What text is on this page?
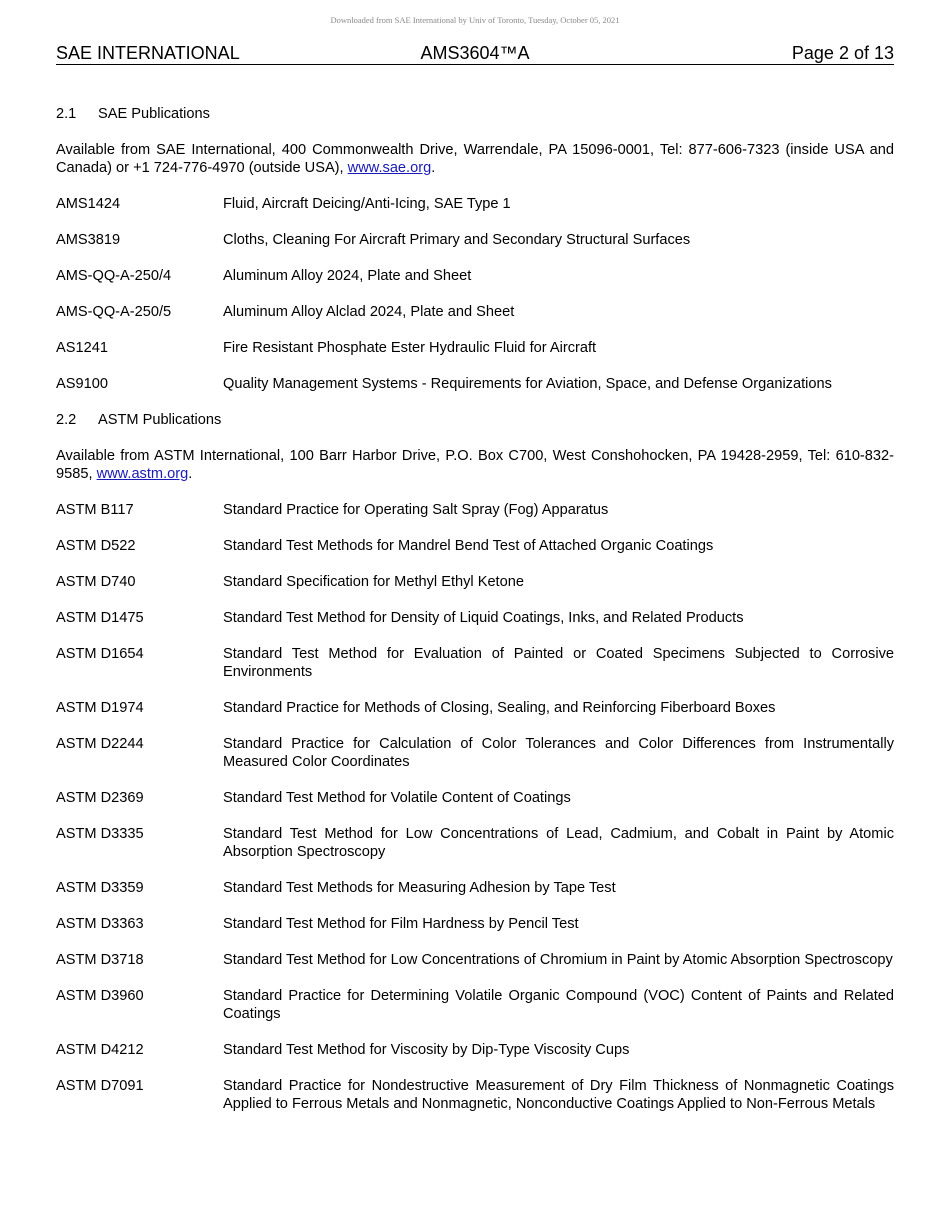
Downloaded from SAE International by Univ of Toronto, Tuesday, October 05, 2021
AMS3604™A
SAE INTERNATIONAL	Page 2 of 13
2.1 SAE Publications
Available from SAE International, 400 Commonwealth Drive, Warrendale, PA 15096-0001, Tel: 877-606-7323 (inside USA and Canada) or +1 724-776-4970 (outside USA), www.sae.org.
AMS1424	Fluid, Aircraft Deicing/Anti-Icing, SAE Type 1
AMS3819	Cloths, Cleaning For Aircraft Primary and Secondary Structural Surfaces
AMS-QQ-A-250/4	Aluminum Alloy 2024, Plate and Sheet
AMS-QQ-A-250/5	Aluminum Alloy Alclad 2024, Plate and Sheet
AS1241	Fire Resistant Phosphate Ester Hydraulic Fluid for Aircraft
AS9100	Quality Management Systems - Requirements for Aviation, Space, and Defense Organizations
2.2 ASTM Publications
Available from ASTM International, 100 Barr Harbor Drive, P.O. Box C700, West Conshohocken, PA 19428-2959, Tel: 610-832-9585, www.astm.org.
ASTM B117	Standard Practice for Operating Salt Spray (Fog) Apparatus
ASTM D522	Standard Test Methods for Mandrel Bend Test of Attached Organic Coatings
ASTM D740	Standard Specification for Methyl Ethyl Ketone
ASTM D1475	Standard Test Method for Density of Liquid Coatings, Inks, and Related Products
ASTM D1654	Standard Test Method for Evaluation of Painted or Coated Specimens Subjected to Corrosive Environments
ASTM D1974	Standard Practice for Methods of Closing, Sealing, and Reinforcing Fiberboard Boxes
ASTM D2244	Standard Practice for Calculation of Color Tolerances and Color Differences from Instrumentally Measured Color Coordinates
ASTM D2369	Standard Test Method for Volatile Content of Coatings
ASTM D3335	Standard Test Method for Low Concentrations of Lead, Cadmium, and Cobalt in Paint by Atomic Absorption Spectroscopy
ASTM D3359	Standard Test Methods for Measuring Adhesion by Tape Test
ASTM D3363	Standard Test Method for Film Hardness by Pencil Test
ASTM D3718	Standard Test Method for Low Concentrations of Chromium in Paint by Atomic Absorption Spectroscopy
ASTM D3960	Standard Practice for Determining Volatile Organic Compound (VOC) Content of Paints and Related Coatings
ASTM D4212	Standard Test Method for Viscosity by Dip-Type Viscosity Cups
ASTM D7091	Standard Practice for Nondestructive Measurement of Dry Film Thickness of Nonmagnetic Coatings Applied to Ferrous Metals and Nonmagnetic, Nonconductive Coatings Applied to Non-Ferrous Metals
